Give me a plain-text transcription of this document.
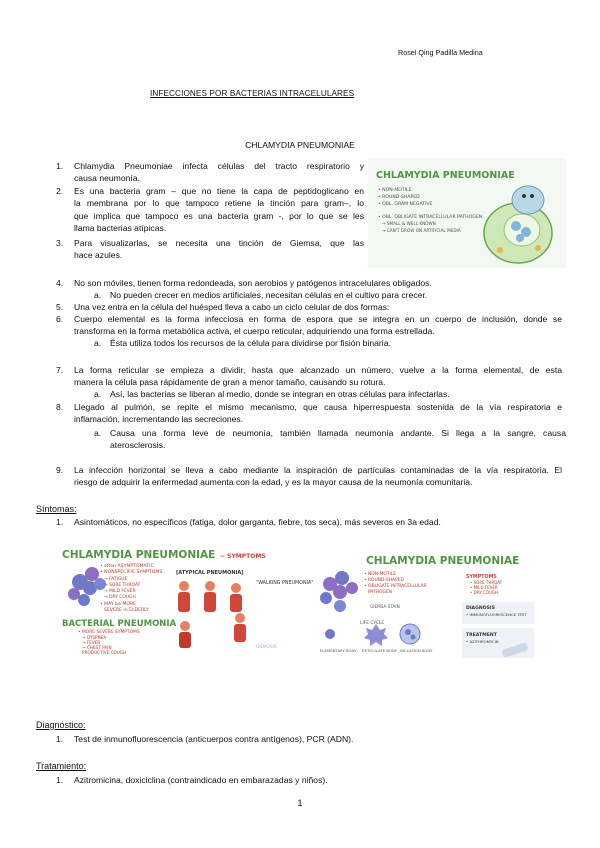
Rosel Qing Padilla Medina
INFECCIONES POR BACTERIAS INTRACELULARES
CHLAMYDIA PNEUMONIAE
1.	Chlamydia Pneumoniae infecta células del tracto respiratorio y
causa neumonía.
2.	Es una bacteria gram – que no tiene la capa de peptidoglicano en
la membrana por lo que tampoco retiene la tinción para gram–, lo
que implica que tampoco es una bacteria gram -, por lo que se les
llama bacterias atípicas.
3.	Para visualizarlas, se necesita una tinción de Giemsa, que las
hace azules.
CHLAMYDIA PNEUMONIAE
• NON-MOTILE
• ROUND-SHAPED
• OBL. GRAM NEGATIVE
• OBL. OBLIGATE INTRACELLULAR PATHOGEN
→ SMALL & WELL KNOWN
→ CAN'T GROW ON ARTIFICIAL MEDIA
4.	No son móviles, tienen forma redondeada, son aerobios y patógenos intracelulares obligados.
a. No pueden crecer en medios artificiales, necesitan células en el cultivo para crecer.
5.	Una vez entra en la célula del huésped lleva a cabo un ciclo celular de dos formas:
6.	Cuerpo elemental es la forma infecciosa en forma de espora que se integra en un cuerpo de inclusión, donde se
transforma en la forma metabólica activa, el cuerpo reticular, adquiriendo una forma estrellada.
a. Ésta utiliza todos los recursos de la célula para dividirse por fisión binaria.
7.	La forma reticular se empieza a dividir, hasta que alcanzado un número, vuelve a la forma elemental, de esta
manera la célula pasa rápidamente de gran a menor tamaño, causando su rotura.
a. Así, las bacterias se liberan al medio, donde se integran en otras células para infectarlas.
8.	Llegado al pulmón, se repite el mismo mecanismo, que causa hiperrespuesta sostenida de la vía respiratoria e
inflamación, incrementando las secreciones.
a. Causa una forma leve de neumonía, también llamada neumonía andante. Si llega a la sangre, causa
aterosclerosis.
9.	La infección horizontal se lleva a cabo mediante la inspiración de partículas contaminadas de la vía respiratoria. El
riesgo de adquirir la enfermedad aumenta con la edad, y es la mayor causa de la neumonía comunitaria.
Síntomas:
1.	Asintomáticos, no específicos (fatiga, dolor garganta, fiebre, tos seca), más severos en 3a edad.
CHLAMYDIA PNEUMONIAE ~ SYMPTOMS
• often ASYMPTOMATIC
• NONSPECIFIC SYMPTOMS
→ FATIGUE
→ SORE THROAT
→ MILD FEVER
→ DRY COUGH
• MAY be MORE
SEVERE in ELDERLY
[ATYPICAL PNEUMONIA]
"WALKING PNEUMONIA"
BACTERIAL PNEUMONIA
• MORE SEVERE SYMPTOMS
→ DYSPNEA
→ FEVER
→ CHEST PAIN
PRODUCTIVE COUGH
OSMOSIS
CHLAMYDIA PNEUMONIAE
• NON-MOTILE
• ROUND-SHAPED
• OBLIGATE INTRACELLULAR
PATHOGEN
GIEMSA STAIN
LIFE CYCLE
ELEMENTARY BODY RETICULATE BODY INCLUSION BODY
SYMPTOMS
• SORE THROAT
• MILD FEVER
• DRY COUGH
DIAGNOSIS
• IMMUNOFLUORESCENCE TEST
TREATMENT
• AZITHROMYCIN
Diagnóstico:
1.	Test de inmunofluorescencia (anticuerpos contra antígenos), PCR (ADN).
Tratamiento:
1.	Azitromicina, doxiciclina (contraindicado en embarazadas y niños).
1
